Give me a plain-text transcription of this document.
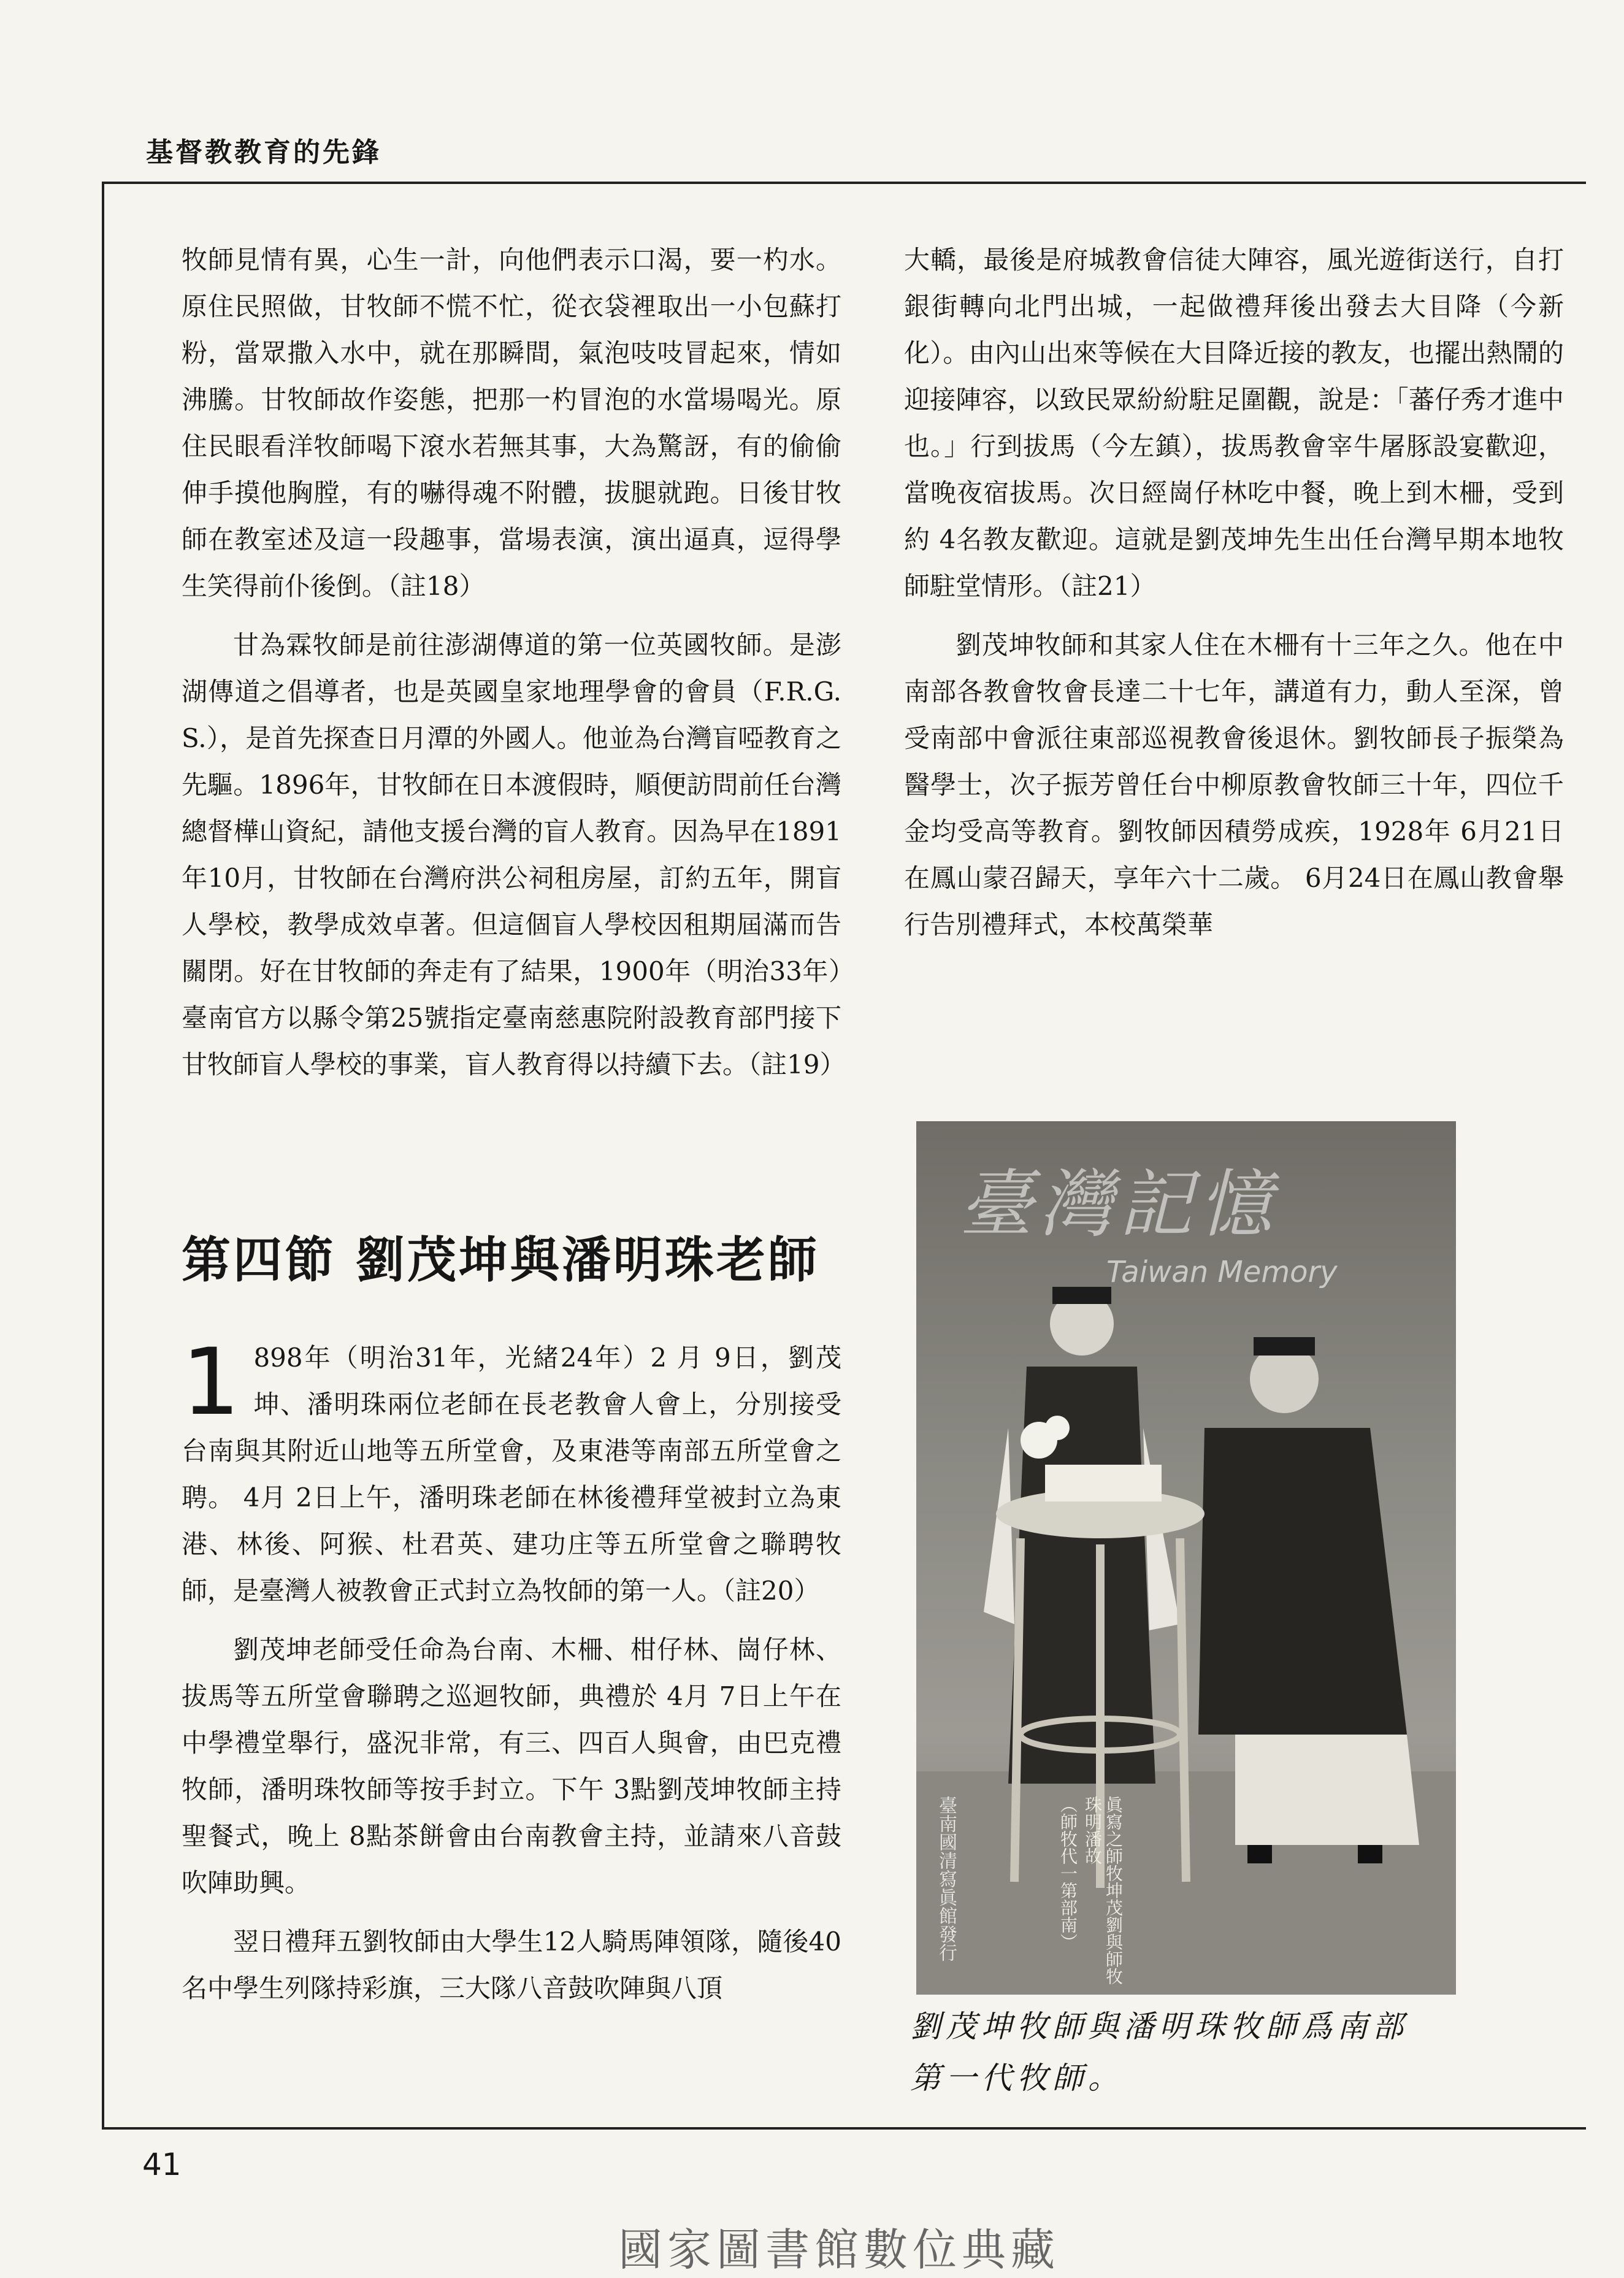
基督教教育的先鋒

牧師見情有異，心生一計，向他們表示口渴，要一杓水。原住民照做，甘牧師不慌不忙，從衣袋裡取出一小包蘇打粉，當眾撒入水中，就在那瞬間，氣泡吱吱冒起來，情如沸騰。甘牧師故作姿態，把那一杓冒泡的水當場喝光。原住民眼看洋牧師喝下滾水若無其事，大為驚訝，有的偷偷伸手摸他胸膛，有的嚇得魂不附體，拔腿就跑。日後甘牧師在教室述及這一段趣事，當場表演，演出逼真，逗得學生笑得前仆後倒。（註18）

甘為霖牧師是前往澎湖傳道的第一位英國牧師。是澎湖傳道之倡導者，也是英國皇家地理學會的會員（F.R.G.S.），是首先探查日月潭的外國人。他並為台灣盲啞教育之先驅。1896年，甘牧師在日本渡假時，順便訪問前任台灣總督樺山資紀，請他支援台灣的盲人教育。因為早在1891年10月，甘牧師在台灣府洪公祠租房屋，訂約五年，開盲人學校，教學成效卓著。但這個盲人學校因租期屆滿而告關閉。好在甘牧師的奔走有了結果，1900年（明治33年）臺南官方以縣令第25號指定臺南慈惠院附設教育部門接下甘牧師盲人學校的事業，盲人教育得以持續下去。（註19）

大轎，最後是府城教會信徒大陣容，風光遊街送行，自打銀街轉向北門出城，一起做禮拜後出發去大目降（今新化）。由內山出來等候在大目降近接的教友，也擺出熱鬧的迎接陣容，以致民眾紛紛駐足圍觀，說是：「蕃仔秀才進中也。」行到拔馬（今左鎮），拔馬教會宰牛屠豚設宴歡迎，當晚夜宿拔馬。次日經崗仔林吃中餐，晚上到木柵，受到約 4名教友歡迎。這就是劉茂坤先生出任台灣早期本地牧師駐堂情形。（註21）

劉茂坤牧師和其家人住在木柵有十三年之久。他在中南部各教會牧會長達二十七年，講道有力，動人至深，曾受南部中會派往東部巡視教會後退休。劉牧師長子振榮為醫學士，次子振芳曾任台中柳原教會牧師三十年，四位千金均受高等教育。劉牧師因積勞成疾，1928年 6月21日在鳳山蒙召歸天，享年六十二歲。 6月24日在鳳山教會舉行告別禮拜式，本校萬榮華

第四節 劉茂坤與潘明珠老師

1 898年（明治31年，光緒24年）2 月 9日，劉茂坤、潘明珠兩位老師在長老教會人會上，分別接受台南與其附近山地等五所堂會，及東港等南部五所堂會之聘。 4月 2日上午，潘明珠老師在林後禮拜堂被封立為東港、林後、阿猴、杜君英、建功庄等五所堂會之聯聘牧師，是臺灣人被教會正式封立為牧師的第一人。（註20）

劉茂坤老師受任命為台南、木柵、柑仔林、崗仔林、拔馬等五所堂會聯聘之巡迴牧師，典禮於 4月 7日上午在中學禮堂舉行，盛況非常，有三、四百人與會，由巴克禮牧師，潘明珠牧師等按手封立。下午 3點劉茂坤牧師主持聖餐式，晚上 8點茶餅會由台南教會主持，並請來八音鼓吹陣助興。

翌日禮拜五劉牧師由大學生12人騎馬陣領隊，隨後40名中學生列隊持彩旗，三大隊八音鼓吹陣與八頂

臺灣記憶
Taiwan Memory
臺南國清寫眞館發行	眞寫之師牧坤茂劉與師牧珠明潘故
（師牧代一第部南）
劉茂坤牧師與潘明珠牧師爲南部第一代牧師。
41
國家圖書館數位典藏
